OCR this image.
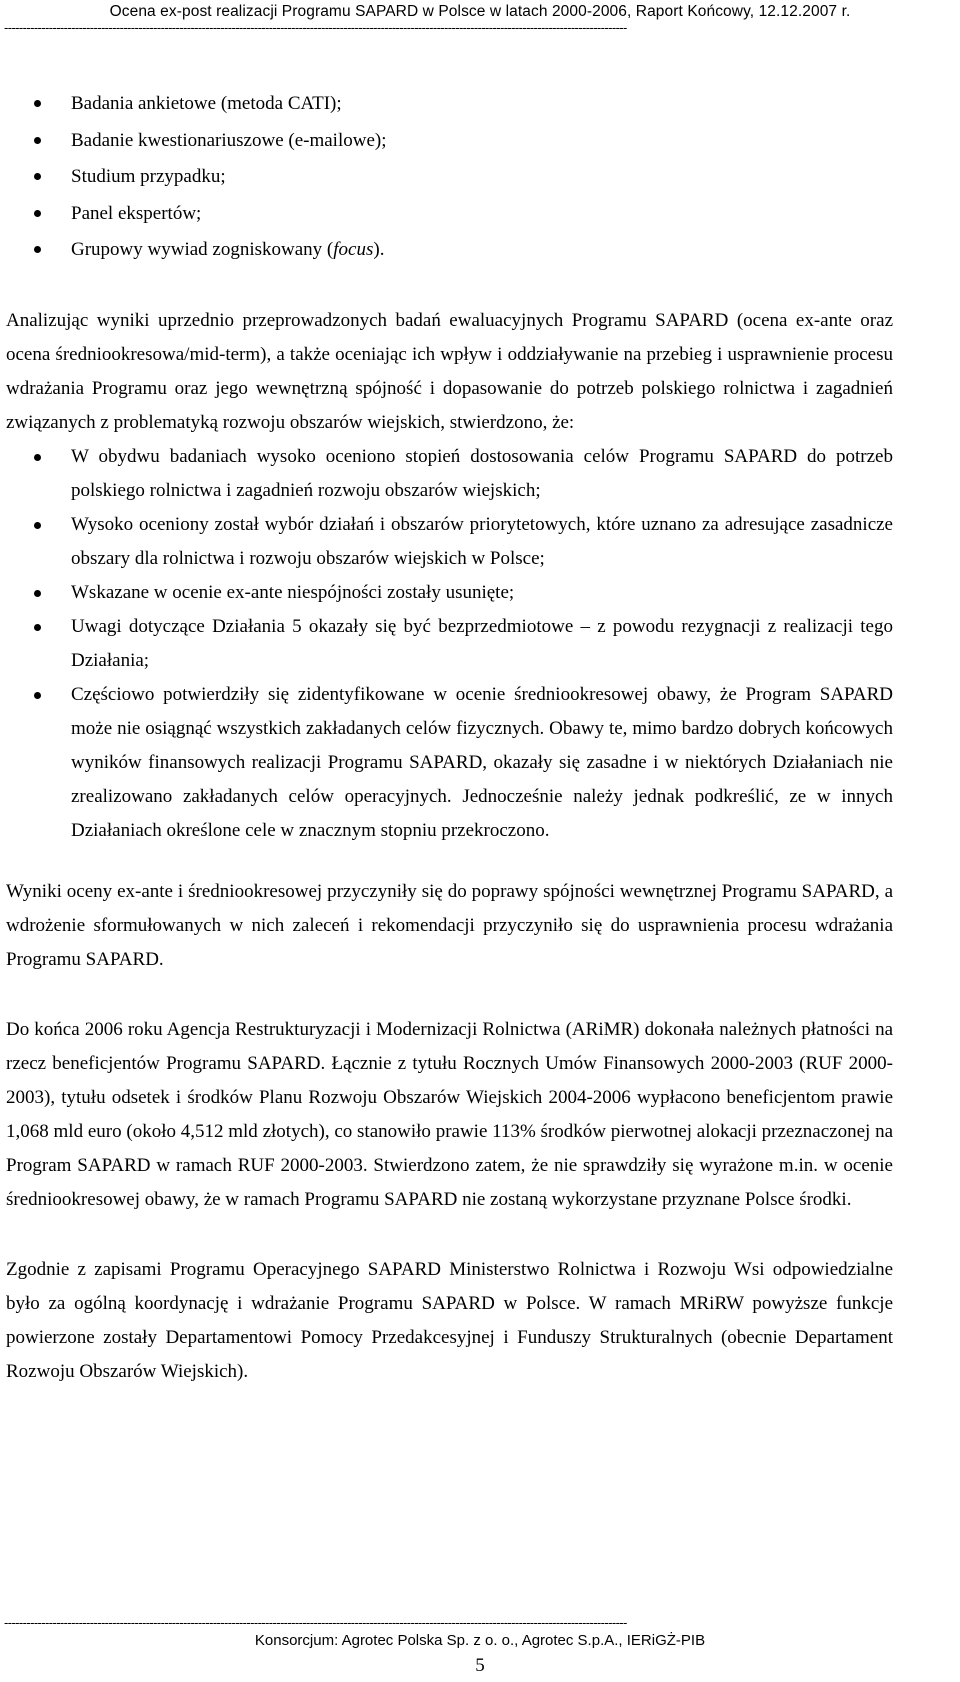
Ocena ex-post realizacji Programu SAPARD w Polsce w latach 2000-2006, Raport Końcowy, 12.12.2007 r.
-----------------------------------------------------------------------------------------------------------------------------------------------------------------------
Badania ankietowe (metoda CATI);
Badanie kwestionariuszowe (e-mailowe);
Studium przypadku;
Panel ekspertów;
Grupowy wywiad zogniskowany (focus).

Analizując wyniki uprzednio przeprowadzonych badań ewaluacyjnych Programu SAPARD (ocena ex-ante oraz ocena średniookresowa/mid-term), a także oceniając ich wpływ i oddziaływanie na przebieg i usprawnienie procesu wdrażania Programu oraz jego wewnętrzną spójność i dopasowanie do potrzeb polskiego rolnictwa i zagadnień związanych z problematyką rozwoju obszarów wiejskich, stwierdzono, że:

W obydwu badaniach wysoko oceniono stopień dostosowania celów Programu SAPARD do potrzeb polskiego rolnictwa i zagadnień rozwoju obszarów wiejskich;
Wysoko oceniony został wybór działań i obszarów priorytetowych, które uznano za adresujące zasadnicze obszary dla rolnictwa i rozwoju obszarów wiejskich w Polsce;
Wskazane w ocenie ex-ante niespójności zostały usunięte;
Uwagi dotyczące Działania 5 okazały się być bezprzedmiotowe – z powodu rezygnacji z realizacji tego Działania;
Częściowo potwierdziły się zidentyfikowane w ocenie średniookresowej obawy, że Program SAPARD może nie osiągnąć wszystkich zakładanych celów fizycznych. Obawy te, mimo bardzo dobrych końcowych wyników finansowych realizacji Programu SAPARD, okazały się zasadne i w niektórych Działaniach nie zrealizowano zakładanych celów operacyjnych. Jednocześnie należy jednak podkreślić, ze w innych Działaniach określone cele w znacznym stopniu przekroczono.

Wyniki oceny ex-ante i średniookresowej przyczyniły się do poprawy spójności wewnętrznej Programu SAPARD, a wdrożenie sformułowanych w nich zaleceń i rekomendacji przyczyniło się do usprawnienia procesu wdrażania Programu SAPARD.

Do końca 2006 roku Agencja Restrukturyzacji i Modernizacji Rolnictwa (ARiMR) dokonała należnych płatności na rzecz beneficjentów Programu SAPARD. Łącznie z tytułu Rocznych Umów Finansowych 2000-2003 (RUF 2000-2003), tytułu odsetek i środków Planu Rozwoju Obszarów Wiejskich 2004-2006 wypłacono beneficjentom prawie 1,068 mld euro (około 4,512 mld złotych), co stanowiło prawie 113% środków pierwotnej alokacji przeznaczonej na Program SAPARD w ramach RUF 2000-2003. Stwierdzono zatem, że nie sprawdziły się wyrażone m.in. w ocenie średniookresowej obawy, że w ramach Programu SAPARD nie zostaną wykorzystane przyznane Polsce środki.

Zgodnie z zapisami Programu Operacyjnego SAPARD Ministerstwo Rolnictwa i Rozwoju Wsi odpowiedzialne było za ogólną koordynację i wdrażanie Programu SAPARD w Polsce. W ramach MRiRW powyższe funkcje powierzone zostały Departamentowi Pomocy Przedakcesyjnej i Funduszy Strukturalnych (obecnie Departament Rozwoju Obszarów Wiejskich).

-----------------------------------------------------------------------------------------------------------------------------------------------------------------------
Konsorcjum: Agrotec Polska Sp. z o. o., Agrotec S.p.A., IERiGŻ-PIB
5
